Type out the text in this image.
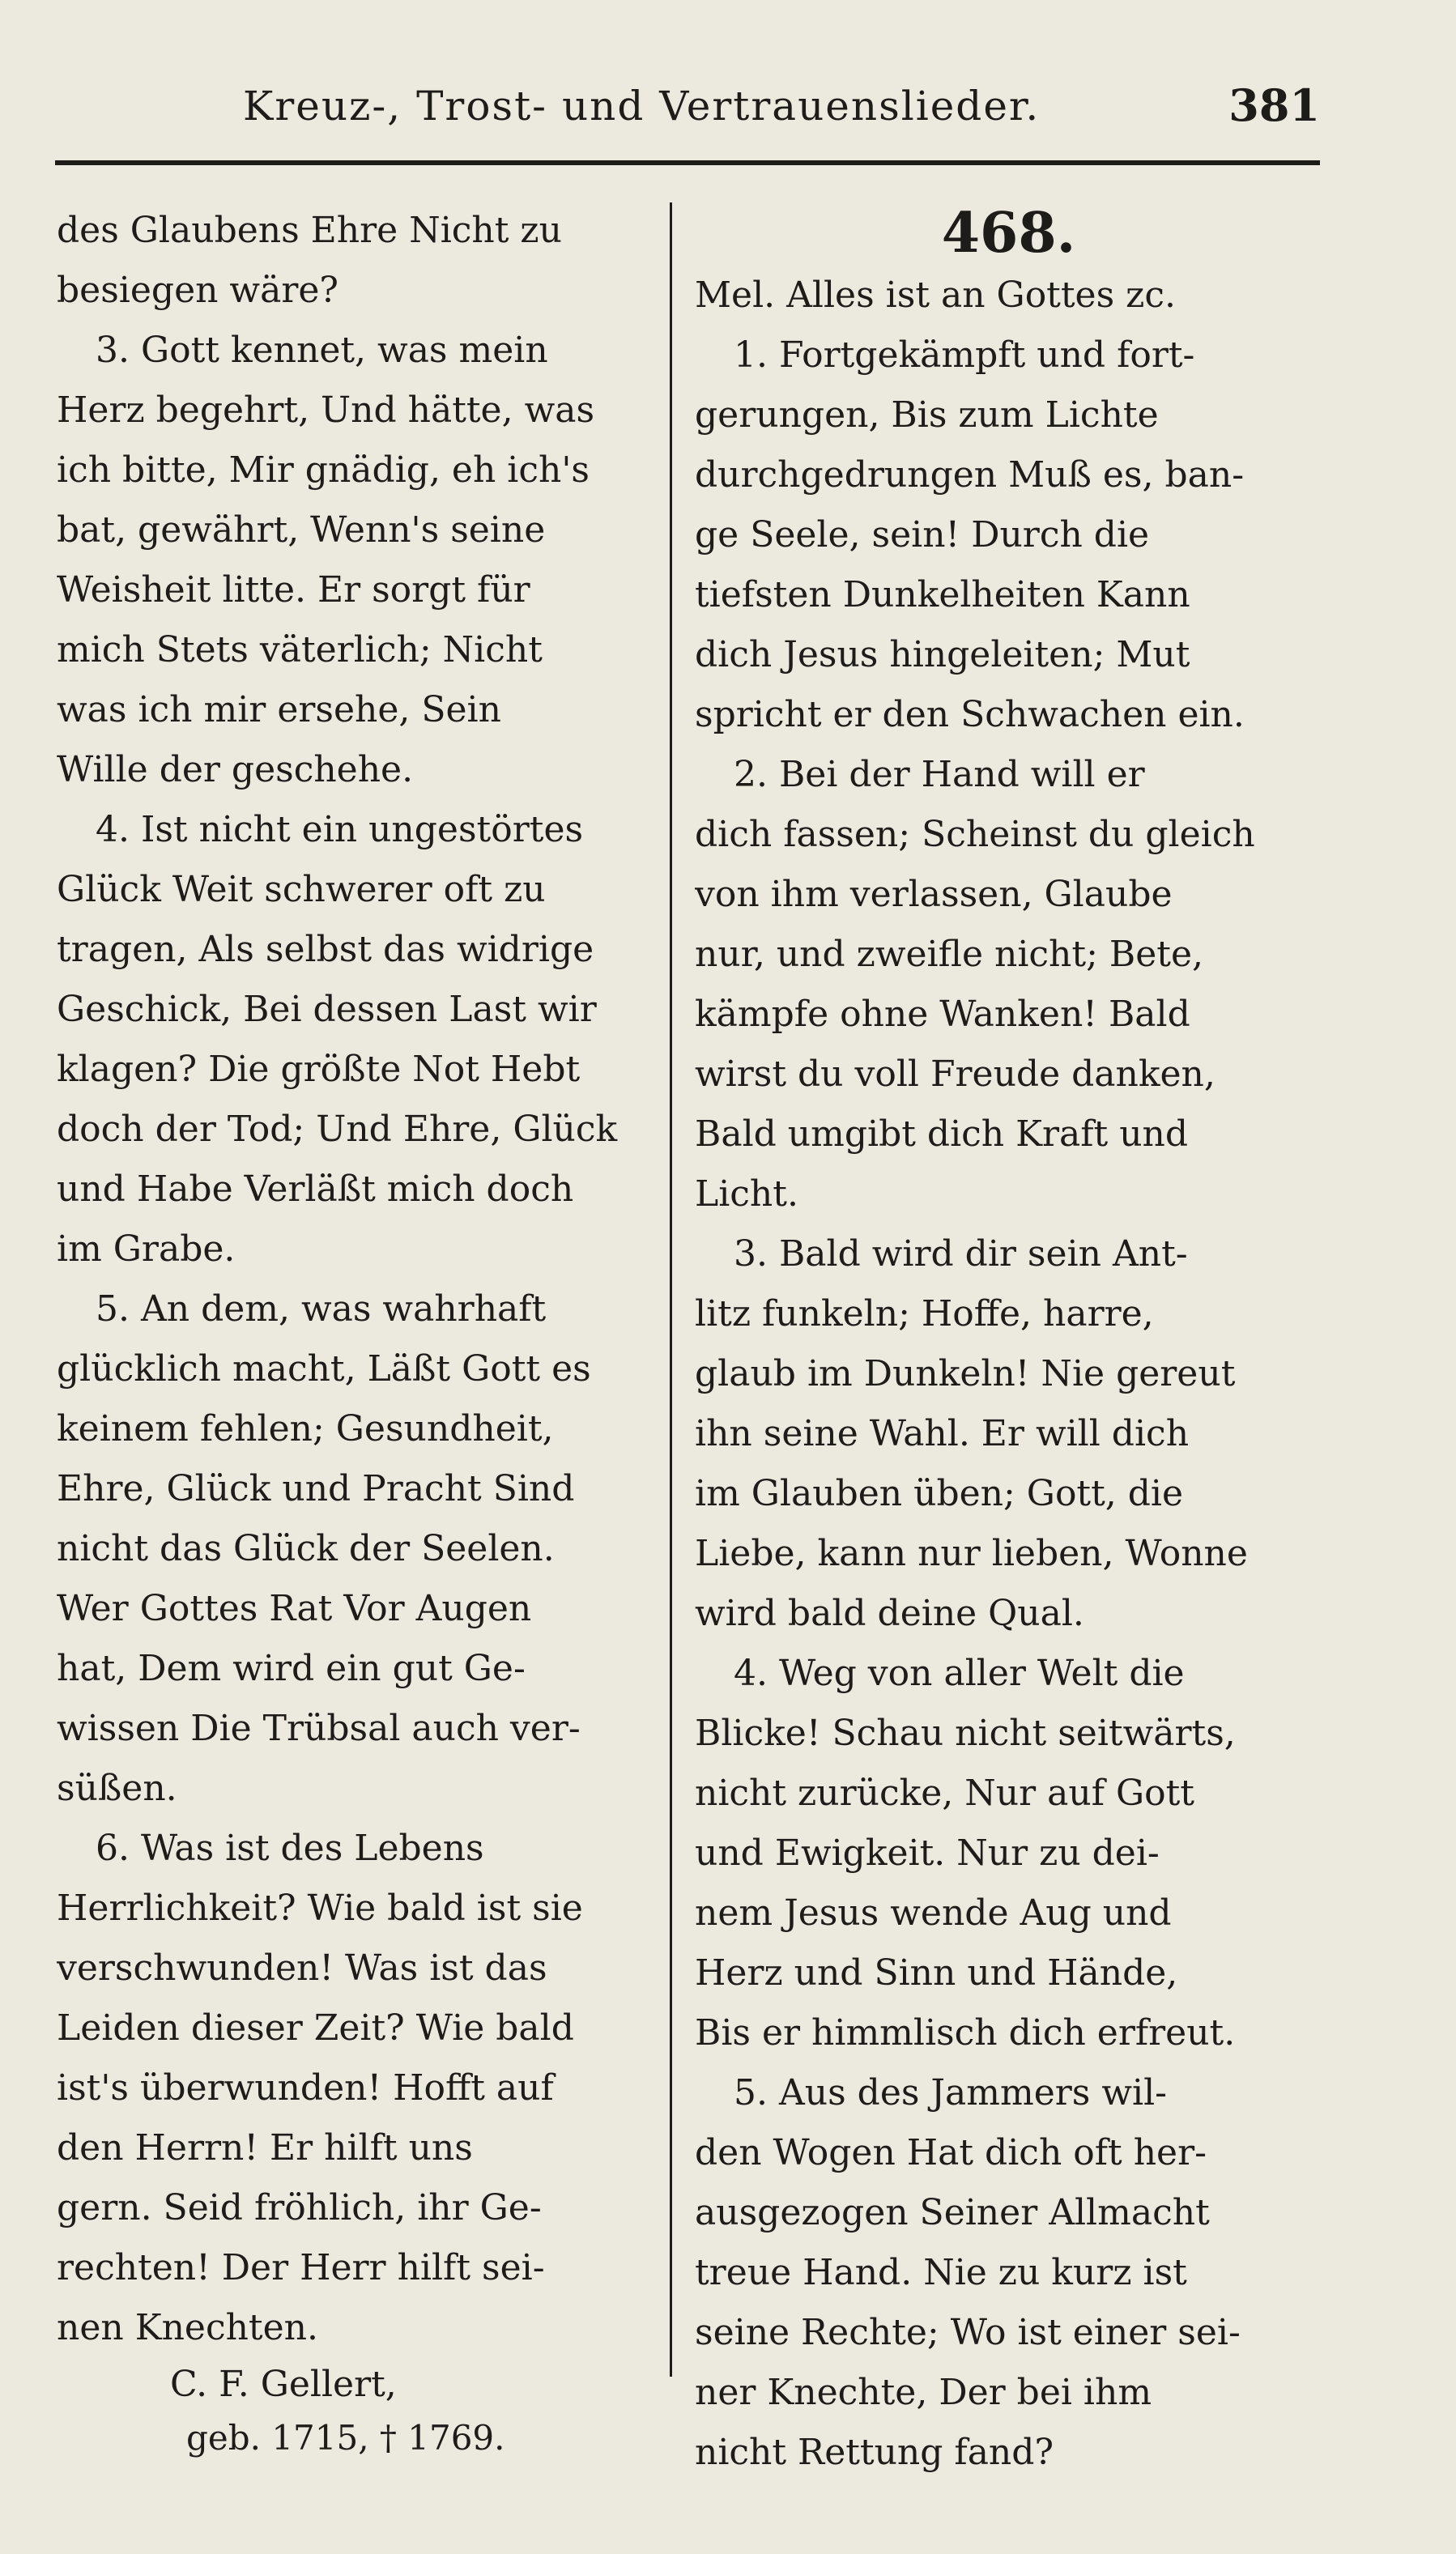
Kreuz-, Trost- und Vertrauenslieder.	381
des Glaubens Ehre Nicht zu
besiegen wäre?
3. Gott kennet, was mein
Herz begehrt, Und hätte, was
ich bitte, Mir gnädig, eh ich's
bat, gewährt, Wenn's seine
Weisheit litte. Er sorgt für
mich Stets väterlich; Nicht
was ich mir ersehe, Sein
Wille der geschehe.
4. Ist nicht ein ungestörtes
Glück Weit schwerer oft zu
tragen, Als selbst das widrige
Geschick, Bei dessen Last wir
klagen? Die größte Not Hebt
doch der Tod; Und Ehre, Glück
und Habe Verläßt mich doch
im Grabe.
5. An dem, was wahrhaft
glücklich macht, Läßt Gott es
keinem fehlen; Gesundheit,
Ehre, Glück und Pracht Sind
nicht das Glück der Seelen.
Wer Gottes Rat Vor Augen
hat, Dem wird ein gut Ge-
wissen Die Trübsal auch ver-
süßen.
6. Was ist des Lebens
Herrlichkeit? Wie bald ist sie
verschwunden! Was ist das
Leiden dieser Zeit? Wie bald
ist's überwunden! Hofft auf
den Herrn! Er hilft uns
gern. Seid fröhlich, ihr Ge-
rechten! Der Herr hilft sei-
nen Knechten.
C. F. Gellert,
geb. 1715, † 1769.
468.
Mel. Alles ist an Gottes zc.
1. Fortgekämpft und fort-
gerungen, Bis zum Lichte
durchgedrungen Muß es, ban-
ge Seele, sein! Durch die
tiefsten Dunkelheiten Kann
dich Jesus hingeleiten; Mut
spricht er den Schwachen ein.
2. Bei der Hand will er
dich fassen; Scheinst du gleich
von ihm verlassen, Glaube
nur, und zweifle nicht; Bete,
kämpfe ohne Wanken! Bald
wirst du voll Freude danken,
Bald umgibt dich Kraft und
Licht.
3. Bald wird dir sein Ant-
litz funkeln; Hoffe, harre,
glaub im Dunkeln! Nie gereut
ihn seine Wahl. Er will dich
im Glauben üben; Gott, die
Liebe, kann nur lieben, Wonne
wird bald deine Qual.
4. Weg von aller Welt die
Blicke! Schau nicht seitwärts,
nicht zurücke, Nur auf Gott
und Ewigkeit. Nur zu dei-
nem Jesus wende Aug und
Herz und Sinn und Hände,
Bis er himmlisch dich erfreut.
5. Aus des Jammers wil-
den Wogen Hat dich oft her-
ausgezogen Seiner Allmacht
treue Hand. Nie zu kurz ist
seine Rechte; Wo ist einer sei-
ner Knechte, Der bei ihm
nicht Rettung fand?
